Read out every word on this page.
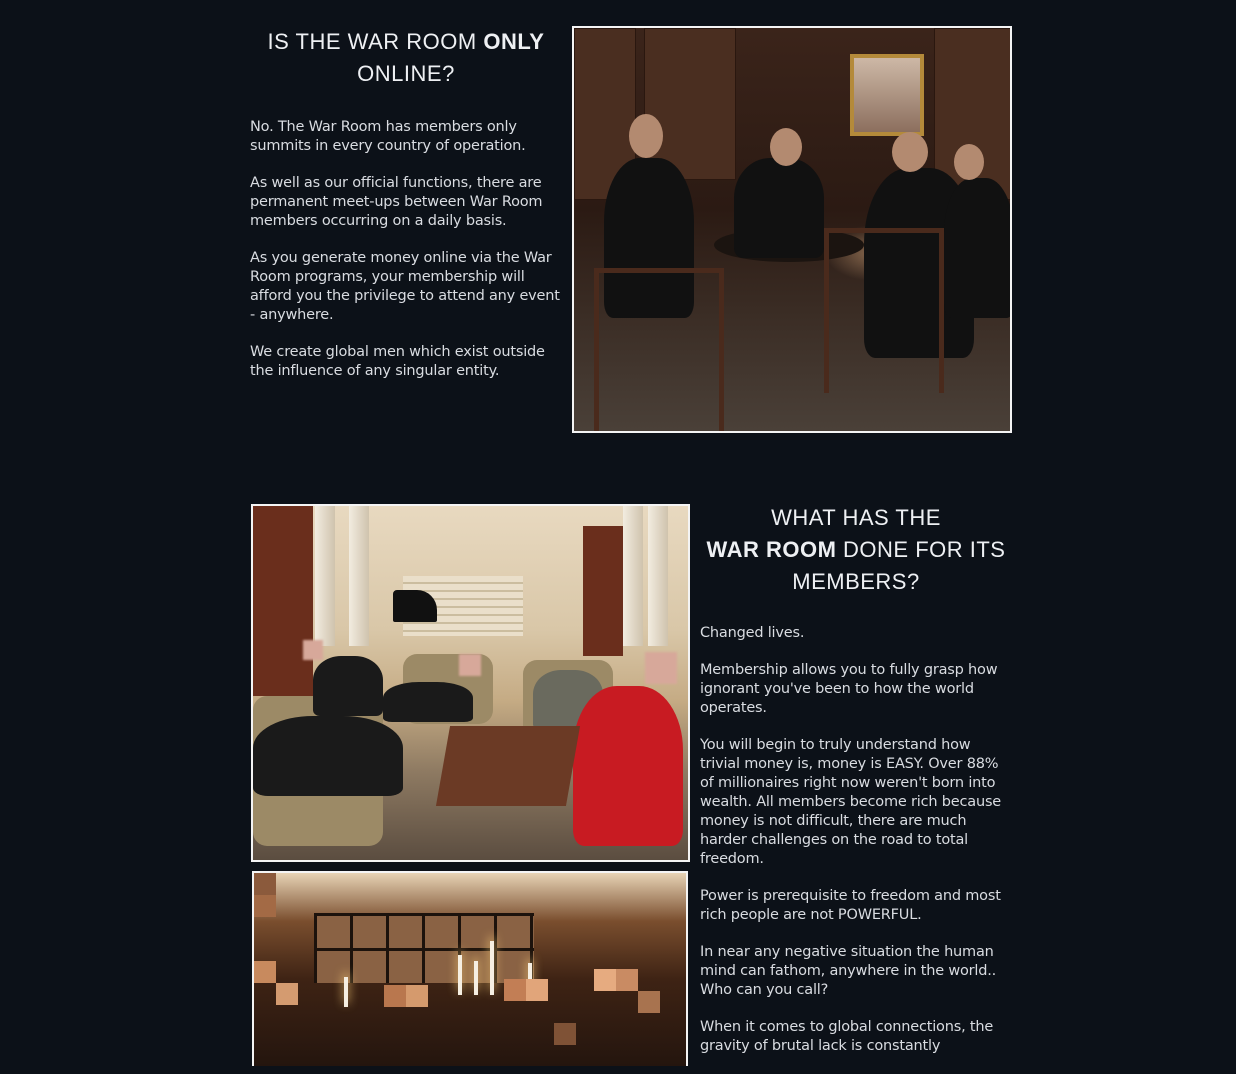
IS THE WAR ROOM ONLY
ONLINE?

No. The War Room has members only summits in every country of operation.

As well as our official functions, there are permanent meet-ups between War Room members occurring on a daily basis.

As you generate money online via the War Room programs, your membership will afford you the privilege to attend any event - anywhere.

We create global men which exist outside the influence of any singular entity.

WHAT HAS THE
WAR ROOM DONE FOR ITS
MEMBERS?

Changed lives.

Membership allows you to fully grasp how ignorant you've been to how the world operates.

You will begin to truly understand how trivial money is, money is EASY. Over 88% of millionaires right now weren't born into wealth. All members become rich because money is not difficult, there are much harder challenges on the road to total freedom.

Power is prerequisite to freedom and most rich people are not POWERFUL.

In near any negative situation the human mind can fathom, anywhere in the world.. Who can you call?

When it comes to global connections, the gravity of brutal lack is constantly
